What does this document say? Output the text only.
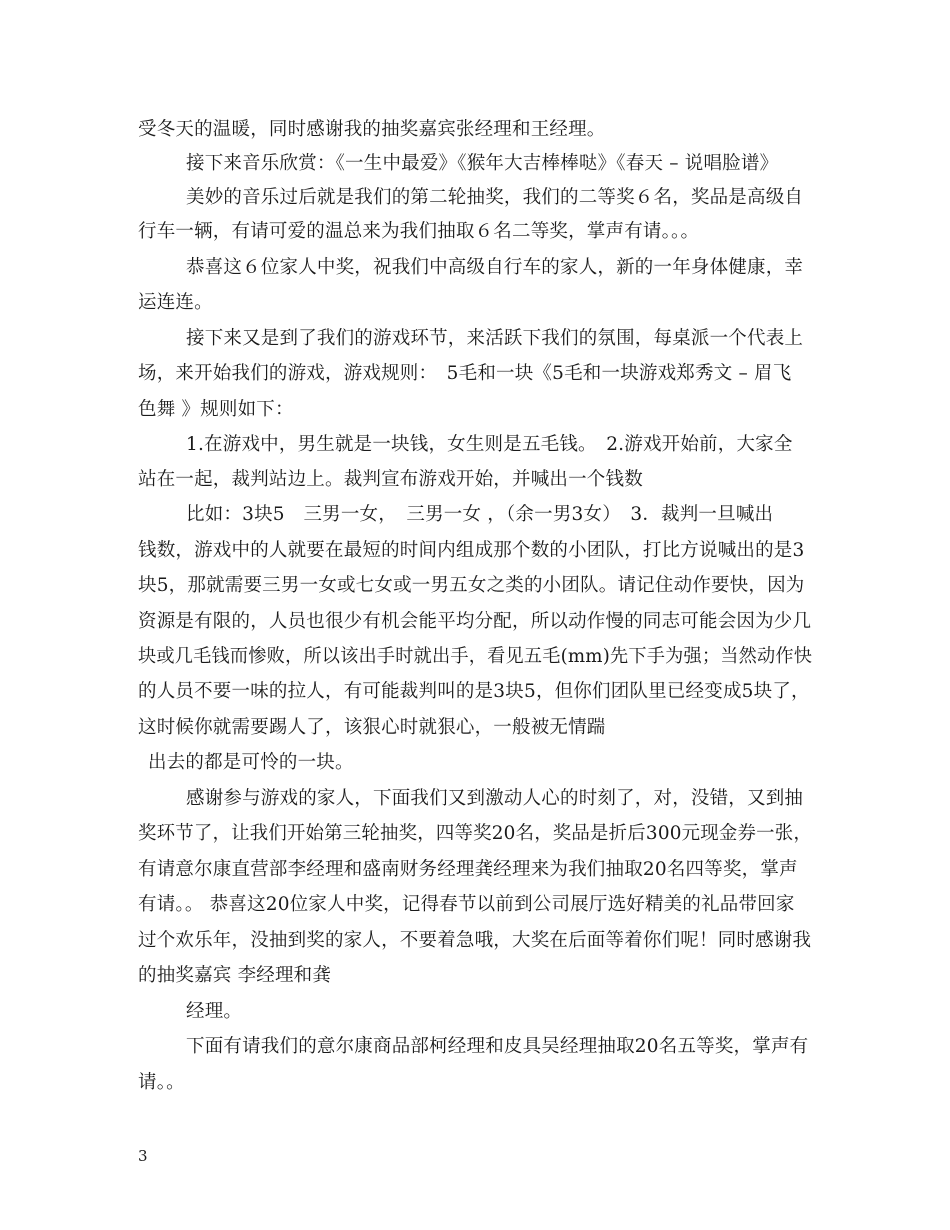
受冬天的温暖，同时感谢我的抽奖嘉宾张经理和王经理。
接下来音乐欣赏：《一生中最爱》《猴年大吉棒棒哒》《春天 – 说唱脸谱》
美妙的音乐过后就是我们的第二轮抽奖，我们的二等奖６名，奖品是高级自
行车一辆，有请可爱的温总来为我们抽取６名二等奖，掌声有请。。。
恭喜这６位家人中奖，祝我们中高级自行车的家人，新的一年身体健康，幸
运连连。
接下来又是到了我们的游戏环节，来活跃下我们的氛围，每桌派一个代表上
场，来开始我们的游戏，游戏规则：　5毛和一块《5毛和一块游戏郑秀文 – 眉飞
色舞 》规则如下：
1.在游戏中，男生就是一块钱，女生则是五毛钱。　2.游戏开始前，大家全
站在一起，裁判站边上。裁判宣布游戏开始，并喊出一个钱数
比如：3块5　三男一女，　三男一女 ，（余一男3女）　3．裁判一旦喊出
钱数，游戏中的人就要在最短的时间内组成那个数的小团队，打比方说喊出的是3
块5，那就需要三男一女或七女或一男五女之类的小团队。请记住动作要快，因为
资源是有限的，人员也很少有机会能平均分配，所以动作慢的同志可能会因为少几
块或几毛钱而惨败，所以该出手时就出手，看见五毛(mm)先下手为强；当然动作快
的人员不要一味的拉人，有可能裁判叫的是3块5，但你们团队里已经变成5块了，
这时候你就需要踢人了，该狠心时就狠心，一般被无情踹
出去的都是可怜的一块。
感谢参与游戏的家人，下面我们又到激动人心的时刻了，对，没错，又到抽
奖环节了，让我们开始第三轮抽奖，四等奖20名，奖品是折后300元现金券一张，
有请意尔康直营部李经理和盛南财务经理龚经理来为我们抽取20名四等奖，掌声
有请。。 恭喜这20位家人中奖，记得春节以前到公司展厅选好精美的礼品带回家
过个欢乐年，没抽到奖的家人，不要着急哦，大奖在后面等着你们呢！同时感谢我
的抽奖嘉宾 李经理和龚
经理。
下面有请我们的意尔康商品部柯经理和皮具吴经理抽取20名五等奖，掌声有
请。。
3
